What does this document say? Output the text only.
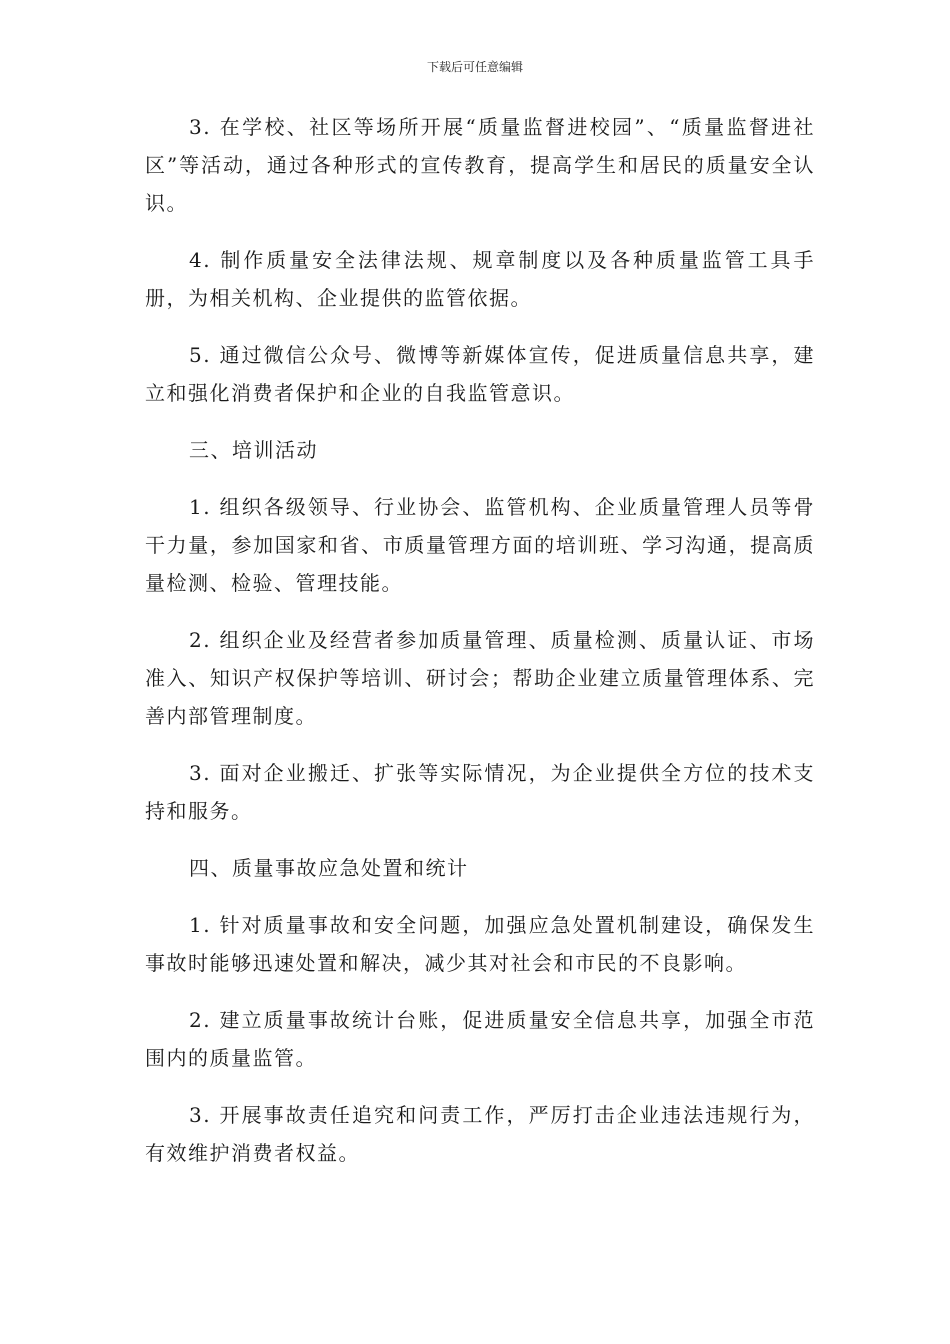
下载后可任意编辑

3. 在学校、社区等场所开展“质量监督进校园”、“质量监督进社区”等活动，通过各种形式的宣传教育，提高学生和居民的质量安全认识。

4. 制作质量安全法律法规、规章制度以及各种质量监管工具手册，为相关机构、企业提供的监管依据。

5. 通过微信公众号、微博等新媒体宣传，促进质量信息共享，建立和强化消费者保护和企业的自我监管意识。

三、培训活动

1. 组织各级领导、行业协会、监管机构、企业质量管理人员等骨干力量，参加国家和省、市质量管理方面的培训班、学习沟通，提高质量检测、检验、管理技能。

2. 组织企业及经营者参加质量管理、质量检测、质量认证、市场准入、知识产权保护等培训、研讨会；帮助企业建立质量管理体系、完善内部管理制度。

3. 面对企业搬迁、扩张等实际情况，为企业提供全方位的技术支持和服务。

四、质量事故应急处置和统计

1. 针对质量事故和安全问题，加强应急处置机制建设，确保发生事故时能够迅速处置和解决，减少其对社会和市民的不良影响。

2. 建立质量事故统计台账，促进质量安全信息共享，加强全市范围内的质量监管。

3. 开展事故责任追究和问责工作，严厉打击企业违法违规行为，有效维护消费者权益。
